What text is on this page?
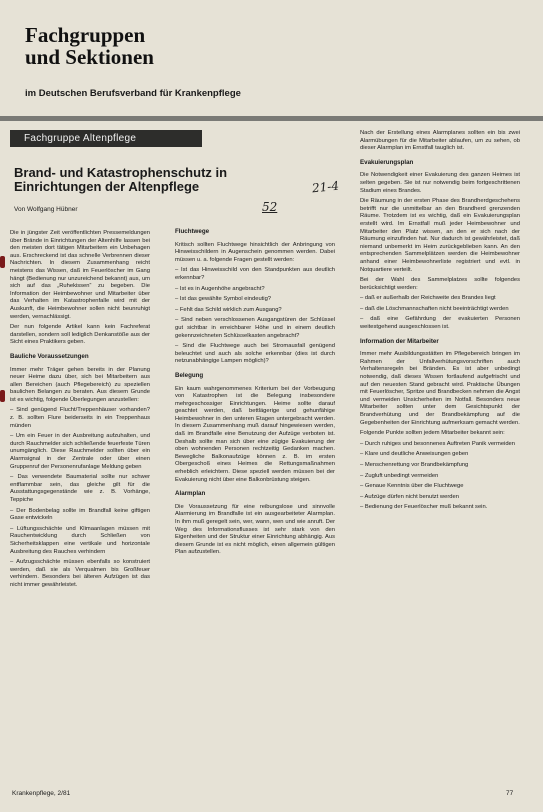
Fachgruppen
und Sektionen
im Deutschen Berufsverband für Krankenpflege
Fachgruppe Altenpflege
Brand- und Katastrophenschutz in Einrichtungen der Altenpflege
Von Wolfgang Hübner
21-4
52

Die in jüngster Zeit veröffentlichten Pressemeldungen über Brände in Einrichtungen der Altenhilfe lassen bei den meisten dort tätigen Mitarbeitern ein Unbehagen aus. Erschreckend ist das schnelle Verbrennen dieser Nachrichten. In diesem Zusammenhang reicht meistens das Wissen, daß im Feuerlöscher im Gang hängt (Bedienung nur unzureichend bekannt) aus, um sich auf das „Ruhekissen“ zu begeben. Die Information der Heimbewohner und Mitarbeiter über das Verhalten im Katastrophenfalle wird mit der Auskunft, die Heimbewohner sollen nicht beunruhigt werden, vernachlässigt.

Der nun folgende Artikel kann kein Fachreferat darstellen, sondern soll lediglich Denkanstöße aus der Sicht eines Praktikers geben.

Bauliche Voraussetzungen

Immer mehr Träger gehen bereits in der Planung neuer Heime dazu über, sich bei Mitarbeitern aus allen Bereichen (auch Pflegebereich) zu speziellen baulichen Belangen zu beraten. Aus diesem Grunde ist es wichtig, folgende Überlegungen anzustellen:

– Sind genügend Flucht/Treppenhäuser vorhanden? z. B. sollten Flure beiderseits in ein Treppenhaus münden

– Um ein Feuer in der Ausbreitung aufzuhalten, und durch Rauchmelder sich schließende feuerfeste Türen unumgänglich. Diese Rauchmelder sollten über ein Alarmsignal in der Zentrale oder über einen Gruppenruf der Personenrufanlage Meldung geben

– Das verwendete Baumaterial sollte nur schwer entflammbar sein, das gleiche gilt für die Ausstattungsgegenstände wie z. B. Vorhänge, Teppiche

– Der Bodenbelag sollte im Brandfall keine giftigen Gase entwickeln

– Lüftungsschächte und Klimaanlagen müssen mit Rauchentwicklung durch Schließen von Sicherheitsklappen eine vertikale und horizontale Ausbreitung des Rauches verhindern

– Aufzugsschächte müssen ebenfalls so konstruiert werden, daß sie als Verqualmen bis Großfeuer verhindern. Besonders bei älteren Aufzügen ist das nicht immer gewährleistet.

Fluchtwege

Kritisch sollten Fluchtwege hinsichtlich der Anbringung von Hinweisschildern in Augenschein genommen werden. Dabei müssen u. a. folgende Fragen gestellt werden:

– Ist das Hinweisschild von den Standpunkten aus deutlich erkennbar?

– Ist es in Augenhöhe angebracht?

– Ist das gewählte Symbol eindeutig?

– Fehlt das Schild wirklich zum Ausgang?

– Sind neben verschlossenen Ausgangstüren der Schlüssel gut sichtbar in erreichbarer Höhe und in einem deutlich gekennzeichneten Schlüsselkasten angebracht?

– Sind die Fluchtwege auch bei Stromausfall genügend beleuchtet und auch als solche erkennbar (dies ist durch netzunabhängige Lampen möglich)?

Belegung

Ein kaum wahrgenommenes Kriterium bei der Vorbeugung von Katastrophen ist die Belegung insbesondere mehrgeschossiger Einrichtungen. Heime sollte darauf geachtet werden, daß bettlägerige und gehunfähige Heimbewohner in den unteren Etagen untergebracht werden. In diesem Zusammenhang muß darauf hingewiesen werden, daß im Brandfalle eine Benutzung der Aufzüge verboten ist. Deshalb sollte man sich über eine zügige Evakuierung der oben wohnenden Personen rechtzeitig Gedanken machen. Bewegliche Balkonaufzüge können z. B. im ersten Obergeschoß eines Heimes die Rettungsmaßnahmen erheblich erleichtern. Diese speziell werden müssen bei der Evakuierung nicht über eine Balkonbrüstung steigen.

Alarmplan

Die Voraussetzung für eine reibungslose und sinnvolle Alarmierung im Brandfalle ist ein ausgearbeiteter Alarmplan. In ihm muß geregelt sein, wer, wann, wen und wie anruft. Der Weg des Informationsflusses ist sehr stark von den Eigenheiten und der Struktur einer Einrichtung abhängig. Aus diesem Grunde ist es nicht möglich, einen allgemein gültigen Plan aufzustellen.

Nach der Erstellung eines Alarmplanes sollten ein bis zwei Alarmübungen für die Mitarbeiter ablaufen, um zu sehen, ob dieser Alarmplan im Ernstfall tauglich ist.

Evakuierungsplan

Die Notwendigkeit einer Evakuierung des ganzen Heimes ist selten gegeben. Sie ist nur notwendig beim fortgeschrittenen Stadium eines Brandes.

Die Räumung in der ersten Phase des Brandherdgeschehens betrifft nur die unmittelbar an den Brandherd grenzenden Räume. Trotzdem ist es wichtig, daß ein Evakuierungsplan erstellt wird. Im Ernstfall muß jeder Heimbewohner und Mitarbeiter den Platz wissen, an den er sich nach der Räumung einzufinden hat. Nur dadurch ist gewährleistet, daß niemand unbemerkt im Heim zurückgeblieben kann. An den entsprechenden Sammelplätzen werden die Heimbewohner anhand einer Heimbewohnerliste registriert und evtl. in Notquartiere verteilt.

Bei der Wahl des Sammelplatzes sollte folgendes berücksichtigt werden:

– daß er außerhalb der Reichweite des Brandes liegt

– daß die Löschmannschaften nicht beeinträchtigt werden

– daß eine Gefährdung der evakuierten Personen weitestgehend ausgeschlossen ist.

Information der Mitarbeiter

Immer mehr Ausbildungsstätten im Pflegebereich bringen im Rahmen der Unfallverhütungsvorschriften auch Verhaltensregeln bei Bränden. Es ist aber unbedingt notwendig, daß dieses Wissen fortlaufend aufgefrischt und auf den neuesten Stand gebracht wird. Praktische Übungen mit Feuerlöscher, Spritze und Brandbecken nehmen die Angst und vermeiden Unsicherheiten im Notfall. Besonders neue Mitarbeiter sollten unter dem Gesichtspunkt der Brandverhütung und der Brandbekämpfung auf die Gegebenheiten der Einrichtung aufmerksam gemacht werden.

Folgende Punkte sollten jedem Mitarbeiter bekannt sein:

– Durch ruhiges und besonnenes Auftreten Panik vermeiden

– Klare und deutliche Anweisungen geben

– Menschenrettung vor Brandbekämpfung

– Zugluft unbedingt vermeiden

– Genaue Kenntnis über die Fluchtwege

– Aufzüge dürfen nicht benutzt werden

– Bedienung der Feuerlöscher muß bekannt sein.

Krankenpflege, 2/81	77
